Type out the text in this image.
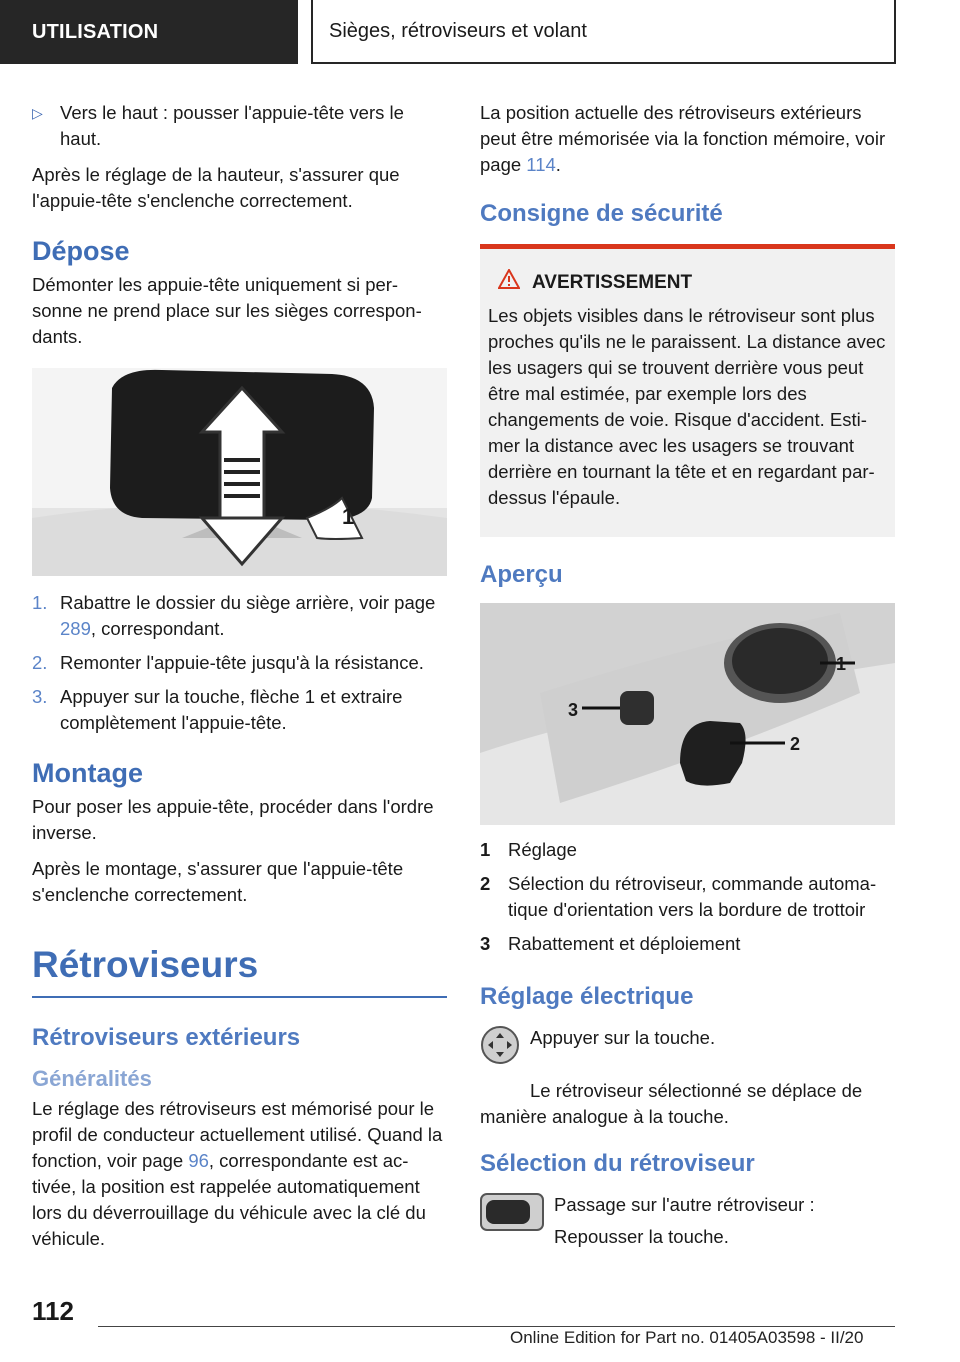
UTILISATION	Sièges, rétroviseurs et volant
▷ Vers le haut : pousser l'appuie-tête vers le haut.

Après le réglage de la hauteur, s'assurer que l'appuie-tête s'enclenche correctement.

Dépose

Démonter les appuie-tête uniquement si per- sonne ne prend place sur les sièges correspon- dants.

1
1. Rabattre le dossier du siège arrière, voir page 289, correspondant.
2. Remonter l'appuie-tête jusqu'à la résistance.
3. Appuyer sur la touche, flèche 1 et extraire complètement l'appuie-tête.
Montage

Pour poser les appuie-tête, procéder dans l'ordre inverse.

Après le montage, s'assurer que l'appuie-tête s'enclenche correctement.

Rétroviseurs
Rétroviseurs extérieurs
Généralités

Le réglage des rétroviseurs est mémorisé pour le profil de conducteur actuellement utilisé. Quand la fonction, voir page 96, correspondante est ac- tivée, la position est rappelée automatiquement lors du déverrouillage du véhicule avec la clé du véhicule.

La position actuelle des rétroviseurs extérieurs peut être mémorisée via la fonction mémoire, voir page 114.

Consigne de sécurité
AVERTISSEMENT
Les objets visibles dans le rétroviseur sont plus proches qu'ils ne le paraissent. La distance avec les usagers qui se trouvent derrière vous peut être mal estimée, par exemple lors des changements de voie. Risque d'accident. Esti- mer la distance avec les usagers se trouvant derrière en tournant la tête et en regardant par- dessus l'épaule.
Aperçu
1
2
3
1 Réglage
2 Sélection du rétroviseur, commande automa- tique d'orientation vers la bordure de trottoir
3 Rabattement et déploiement
Réglage électrique
Appuyer sur la touche.

Le rétroviseur sélectionné se déplace de manière analogue à la touche.

Sélection du rétroviseur
Passage sur l'autre rétroviseur :
Repousser la touche.
112
Online Edition for Part no. 01405A03598 - II/20
